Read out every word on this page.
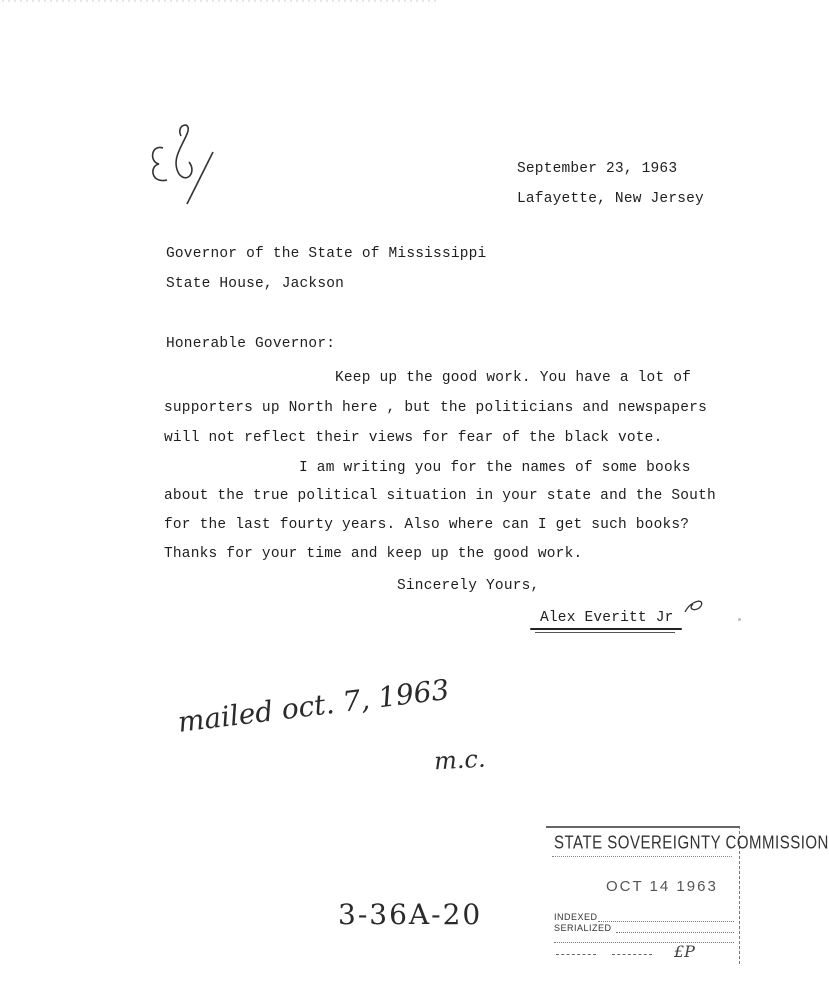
September 23, 1963
Lafayette, New Jersey
Governor of the State of Mississippi
State House, Jackson
Honerable Governor:
Keep up the good work. You have a lot of
supporters up North here , but the politicians and newspapers
will not reflect their views for fear of the black vote.
I am writing you for the names of some books
about the true political situation in your state and the South
for the last fourty years. Also where can I get such books?
Thanks for your time and keep up the good work.
Sincerely Yours,
Alex Everitt Jr
mailed oct. 7, 1963
m.c.
3-36A-20
STATE SOVEREIGNTY COMMISSION
OCT 14 1963
INDEXED
SERIALIZED
£P
